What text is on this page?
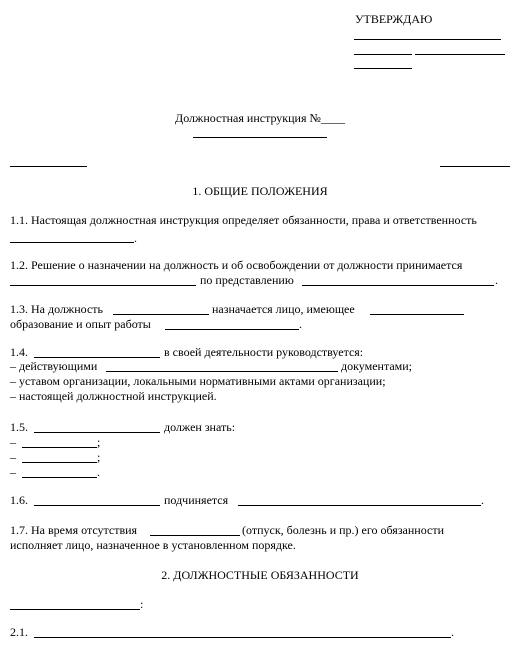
УТВЕРЖДАЮ
Должностная инструкция №____
1. ОБЩИЕ ПОЛОЖЕНИЯ
1.1. Настоящая должностная инструкция определяет обязанности, права и ответственность
.
1.2. Решение о назначении на должность и об освобождении от должности принимается
по представлению	.
1.3. На должность	назначается лицо, имеющее
образование и опыт работы	.
1.4.	в своей деятельности руководствуется:
– действующими	документами;
– уставом организации, локальными нормативными актами организации;
– настоящей должностной инструкцией.
1.5.	должен знать:
–	;
–	;
–	.
1.6.	подчиняется	.
1.7. На время отсутствия	(отпуск, болезнь и пр.) его обязанности
исполняет лицо, назначенное в установленном порядке.
2. ДОЛЖНОСТНЫЕ ОБЯЗАННОСТИ
:
2.1.	.
